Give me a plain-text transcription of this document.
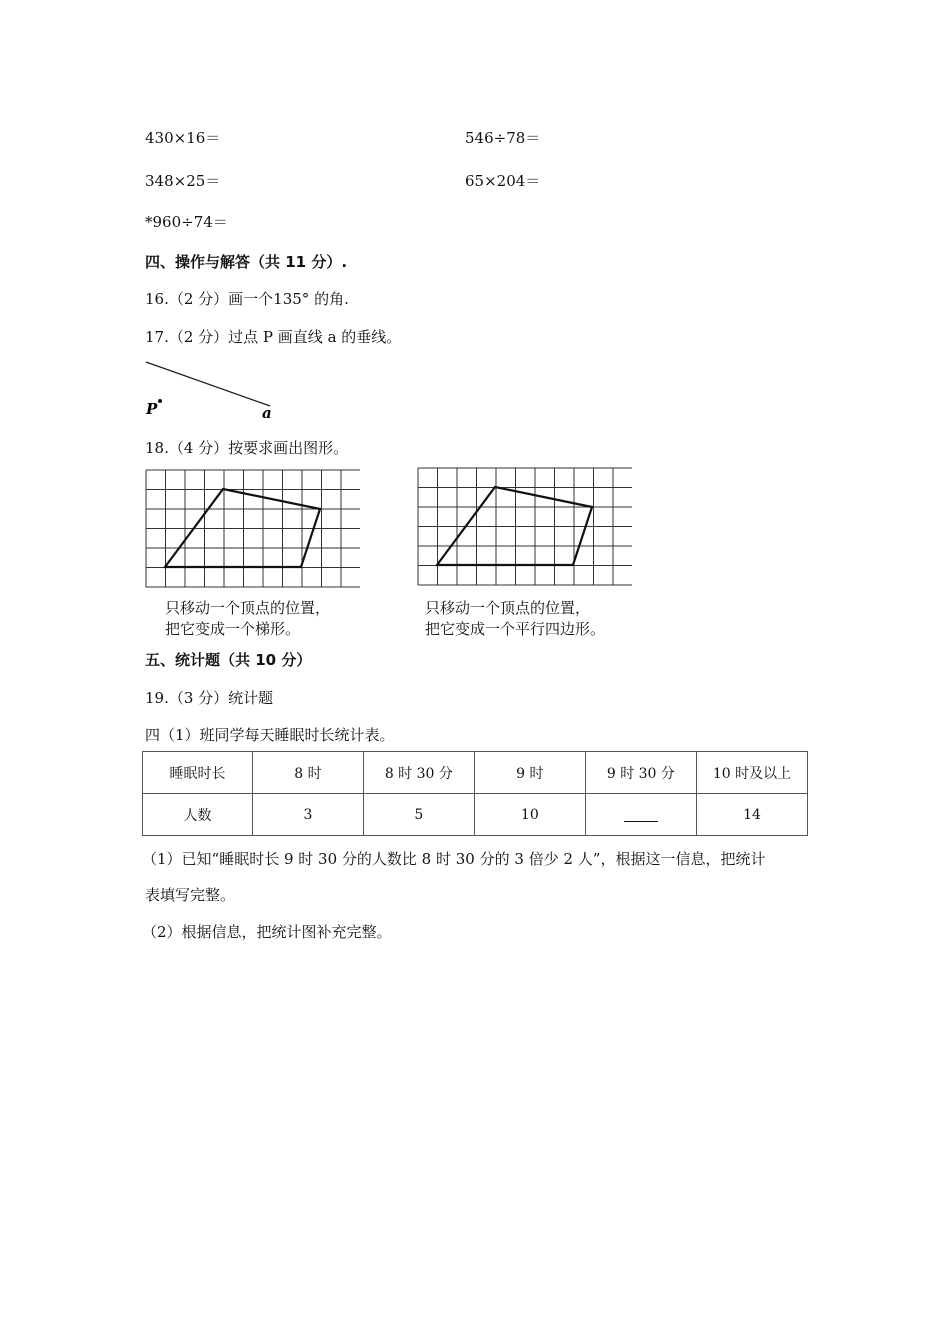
430×16＝	546÷78＝
348×25＝	65×204＝
*960÷74＝
四、操作与解答（共 11 分）.
16.（2 分）画一个135° 的角.
17.（2 分）过点 P 画直线 a 的垂线。
P	a
18.（4 分）按要求画出图形。
只移动一个顶点的位置，
把它变成一个梯形。
只移动一个顶点的位置，
把它变成一个平行四边形。
五、统计题（共 10 分）
19.（3 分）统计题
四（1）班同学每天睡眠时长统计表。
睡眠时长	8 时	8 时 30 分	9 时	9 时 30 分	10 时及以上
人数	3	5	10		14
（1）已知“睡眠时长 9 时 30 分的人数比 8 时 30 分的 3 倍少 2 人”，根据这一信息，把统计
表填写完整。
（2）根据信息，把统计图补充完整。
